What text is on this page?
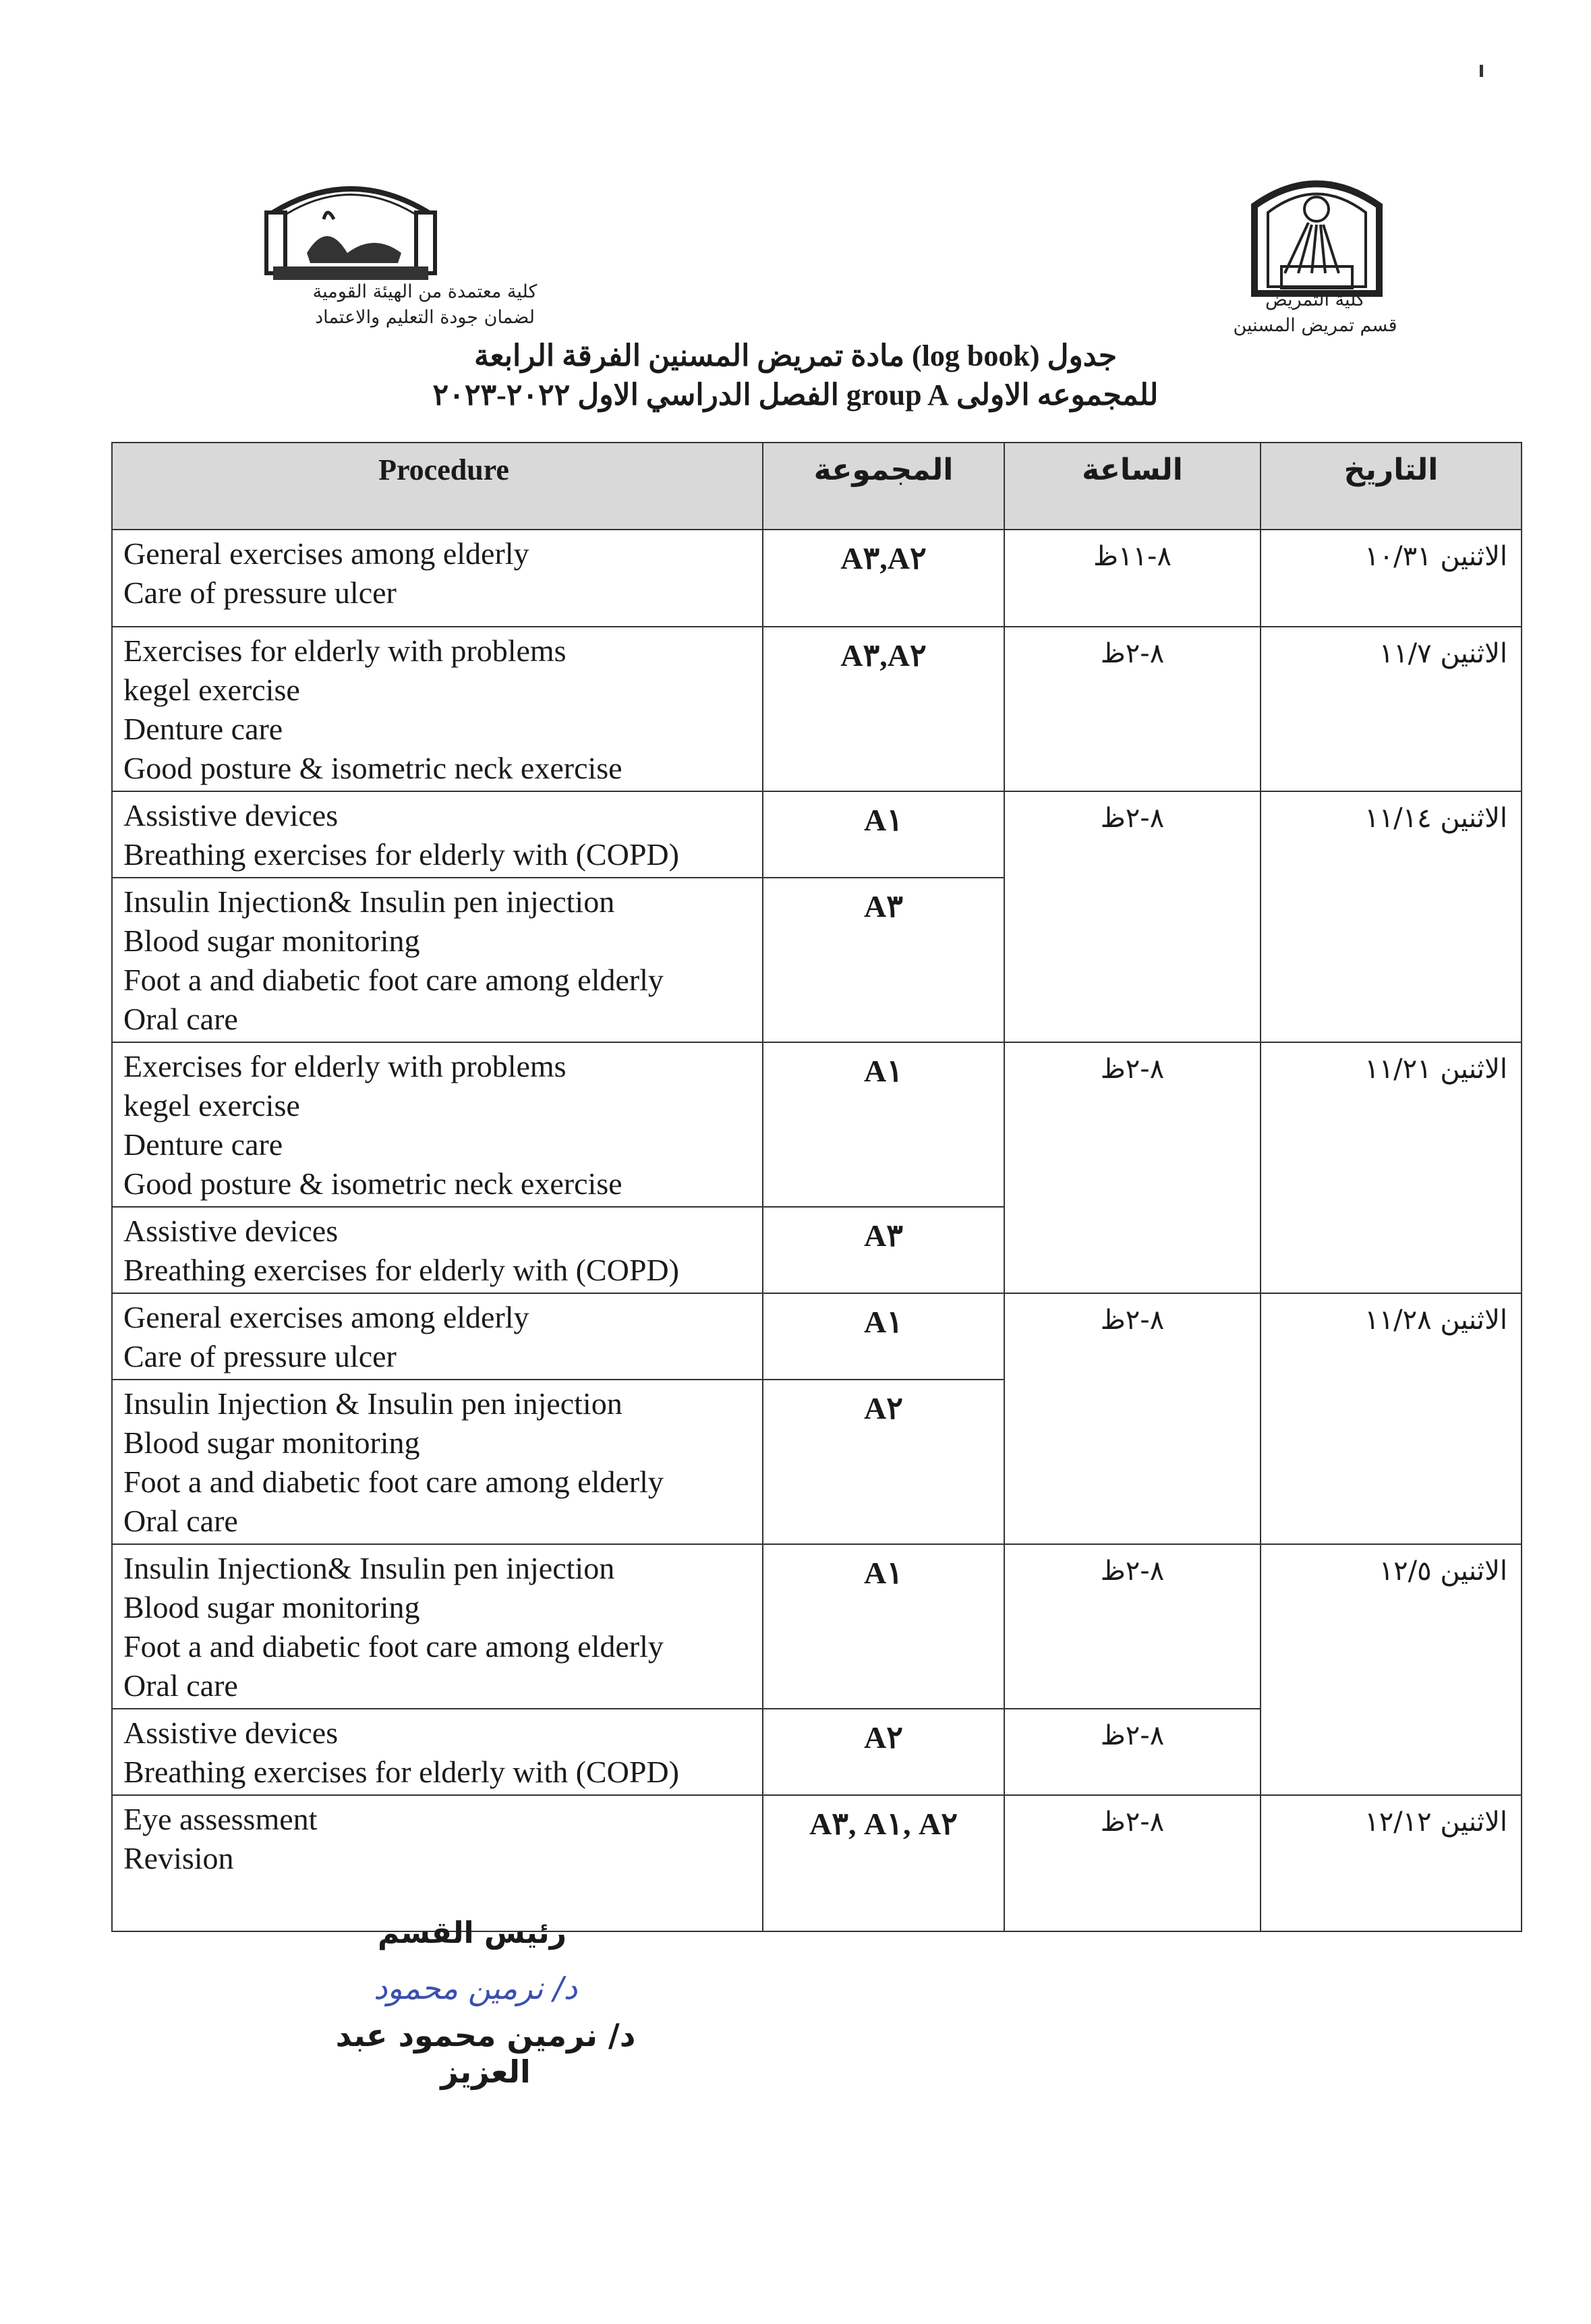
كلية معتمدة من الهيئة القومية
لضمان جودة التعليم والاعتماد
كلية التمريض
قسم تمريض المسنين
جدول (log book) مادة تمريض المسنين الفرقة الرابعة
للمجموعه الاولى group A الفصل الدراسي الاول ٢٠٢٢-٢٠٢٣
Procedure	المجموعة	الساعة	التاريخ

General exercises among elderly
Care of pressure ulcer	A٣,A٢	٨-١١ظ	الاثنين ١٠/٣١

Exercises for elderly with problems
kegel exercise
Denture care
Good posture & isometric neck exercise	A٣,A٢	٨-٢ظ	الاثنين ١١/٧

Assistive devices
Breathing exercises for elderly with (COPD)	A١	٨-٢ظ	الاثنين ١١/١٤

Insulin Injection& Insulin pen injection
Blood sugar monitoring
Foot a and diabetic foot care among elderly
Oral care	A٣		

Exercises for elderly with problems
kegel exercise
Denture care
Good posture & isometric neck exercise	A١	٨-٢ظ	الاثنين ١١/٢١

Assistive devices
Breathing exercises for elderly with (COPD)	A٣		

General exercises among elderly
Care of pressure ulcer	A١	٨-٢ظ	الاثنين ١١/٢٨

Insulin Injection & Insulin pen injection
Blood sugar monitoring
Foot a and diabetic foot care among elderly
Oral care	A٢		

Insulin Injection& Insulin pen injection
Blood sugar monitoring
Foot a and diabetic foot care among elderly
Oral care	A١	٨-٢ظ	الاثنين ١٢/٥

Assistive devices
Breathing exercises for elderly with (COPD)	A٢	٨-٢ظ	

Eye assessment
Revision	A٣, A١, A٢	٨-٢ظ	الاثنين ١٢/١٢
رئيس القسم
د/ نرمين محمود
د/ نرمين محمود عبد العزيز
